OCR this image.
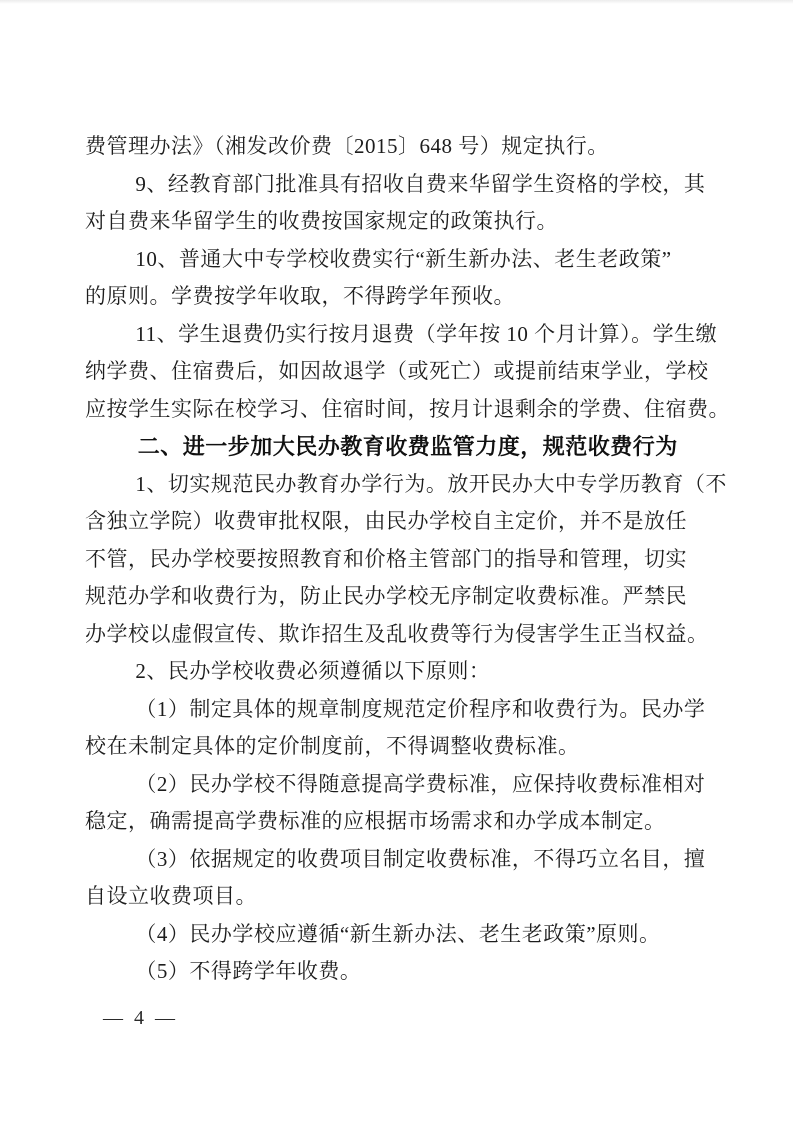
费管理办法》（湘发改价费〔2015〕648 号）规定执行。
9、经教育部门批准具有招收自费来华留学生资格的学校，其
对自费来华留学生的收费按国家规定的政策执行。
10、普通大中专学校收费实行“新生新办法、老生老政策”
的原则。学费按学年收取，不得跨学年预收。
11、学生退费仍实行按月退费（学年按 10 个月计算）。学生缴
纳学费、住宿费后，如因故退学（或死亡）或提前结束学业，学校
应按学生实际在校学习、住宿时间，按月计退剩余的学费、住宿费。
二、进一步加大民办教育收费监管力度，规范收费行为
1、切实规范民办教育办学行为。放开民办大中专学历教育（不
含独立学院）收费审批权限，由民办学校自主定价，并不是放任
不管，民办学校要按照教育和价格主管部门的指导和管理，切实
规范办学和收费行为，防止民办学校无序制定收费标准。严禁民
办学校以虚假宣传、欺诈招生及乱收费等行为侵害学生正当权益。
2、民办学校收费必须遵循以下原则：
（1）制定具体的规章制度规范定价程序和收费行为。民办学
校在未制定具体的定价制度前，不得调整收费标准。
（2）民办学校不得随意提高学费标准，应保持收费标准相对
稳定，确需提高学费标准的应根据市场需求和办学成本制定。
（3）依据规定的收费项目制定收费标准，不得巧立名目，擅
自设立收费项目。
（4）民办学校应遵循“新生新办法、老生老政策”原则。
（5）不得跨学年收费。
— 4 —
